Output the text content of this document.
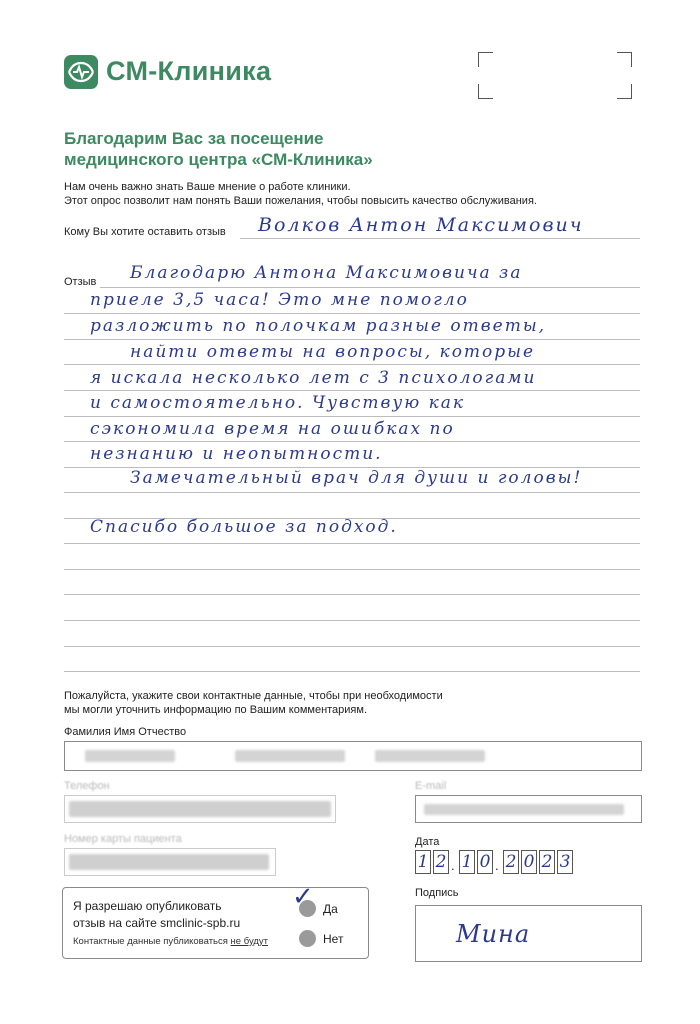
СМ-Клиника
Благодарим Вас за посещение
медицинского центра «СМ-Клиника»
Нам очень важно знать Ваше мнение о работе клиники.
Этот опрос позволит нам понять Ваши пожелания, чтобы повысить качество обслуживания.
Кому Вы хотите оставить отзыв Волков Антон Максимович
Отзыв Благодарю Антона Максимовича за
приеле 3,5 часа! Это мне помогло
разложить по полочкам разные ответы,
найти ответы на вопросы, которые
я искала несколько лет с 3 психологами
и самостоятельно. Чувствую как
сэкономила время на ошибках по
незнанию и неопытности.
Замечательный врач для души и головы!
Спасибо большое за подход.
Пожалуйста, укажите свои контактные данные, чтобы при необходимости
мы могли уточнить информацию по Вашим комментариям.
Фамилия Имя Отчество
Телефон	E-mail
Номер карты пациента	Дата
1 2 . 1 0 . 2 0 2 3
Я разрешаю опубликовать
отзыв на сайте smclinic-spb.ru
Контактные данные публиковаться не будут
✓ Да
Нет
Подпись
Мина
